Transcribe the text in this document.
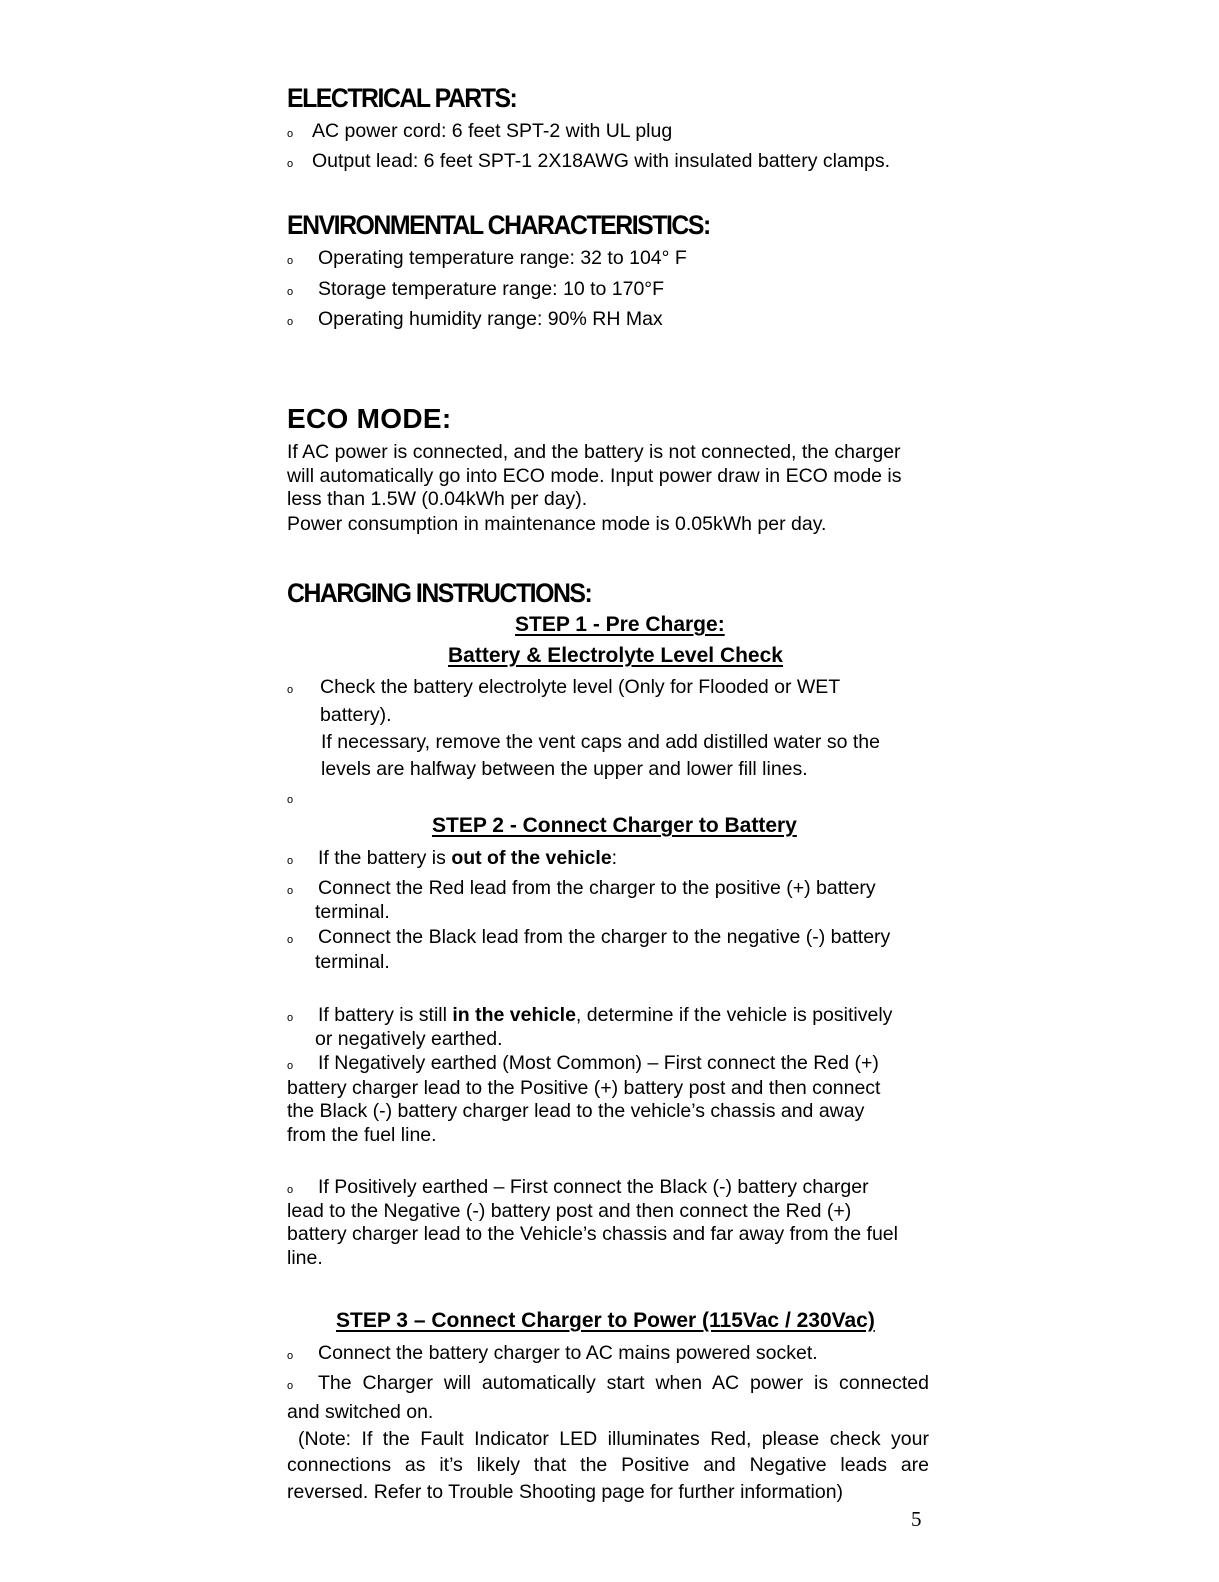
ELECTRICAL PARTS:
o AC power cord: 6 feet SPT-2 with UL plug
o Output lead: 6 feet SPT-1 2X18AWG with insulated battery clamps.
ENVIRONMENTAL CHARACTERISTICS:
o Operating temperature range: 32 to 104° F
o Storage temperature range: 10 to 170°F
o Operating humidity range: 90% RH Max
ECO MODE:
If AC power is connected, and the battery is not connected, the charger
will automatically go into ECO mode. Input power draw in ECO mode is
less than 1.5W (0.04kWh per day).
Power consumption in maintenance mode is 0.05kWh per day.
CHARGING INSTRUCTIONS:
STEP 1 - Pre Charge:
Battery & Electrolyte Level Check
o Check the battery electrolyte level (Only for Flooded or WET
battery).
If necessary, remove the vent caps and add distilled water so the
levels are halfway between the upper and lower fill lines.
o
STEP 2 - Connect Charger to Battery
o If the battery is out of the vehicle:
o Connect the Red lead from the charger to the positive (+) battery
terminal.
o Connect the Black lead from the charger to the negative (-) battery
terminal.
o If battery is still in the vehicle, determine if the vehicle is positively
or negatively earthed.
o If Negatively earthed (Most Common) – First connect the Red (+)
battery charger lead to the Positive (+) battery post and then connect
the Black (-) battery charger lead to the vehicle’s chassis and away
from the fuel line.
o If Positively earthed – First connect the Black (-) battery charger
lead to the Negative (-) battery post and then connect the Red (+)
battery charger lead to the Vehicle’s chassis and far away from the fuel
line.
STEP 3 – Connect Charger to Power (115Vac / 230Vac)
o Connect the battery charger to AC mains powered socket.
o The Charger will automatically start when AC power is connected
and switched on.
(Note: If the Fault Indicator LED illuminates Red, please check your
connections as it’s likely that the Positive and Negative leads are
reversed. Refer to Trouble Shooting page for further information)
5
